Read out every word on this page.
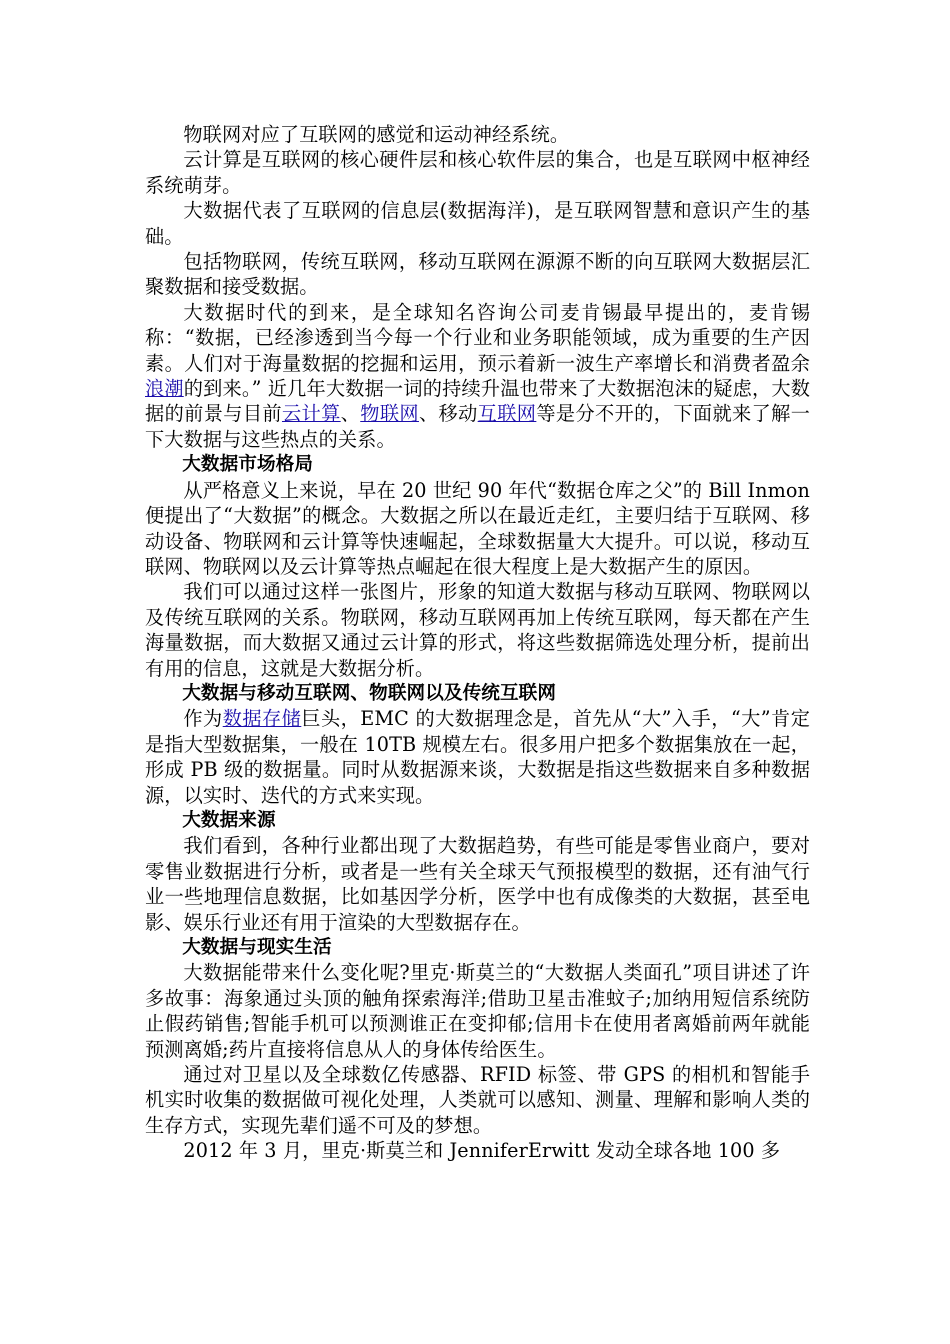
物联网对应了互联网的感觉和运动神经系统。

云计算是互联网的核心硬件层和核心软件层的集合，也是互联网中枢神经系统萌芽。

大数据代表了互联网的信息层(数据海洋)，是互联网智慧和意识产生的基础。

包括物联网，传统互联网，移动互联网在源源不断的向互联网大数据层汇聚数据和接受数据。

大数据时代的到来，是全球知名咨询公司麦肯锡最早提出的，麦肯锡称：“数据，已经渗透到当今每一个行业和业务职能领域，成为重要的生产因素。人们对于海量数据的挖掘和运用，预示着新一波生产率增长和消费者盈余浪潮的到来。” 近几年大数据一词的持续升温也带来了大数据泡沫的疑虑，大数据的前景与目前云计算、物联网、移动互联网等是分不开的，下面就来了解一下大数据与这些热点的关系。

大数据市场格局

从严格意义上来说，早在 20 世纪 90 年代“数据仓库之父”的 Bill Inmon 便提出了“大数据”的概念。大数据之所以在最近走红，主要归结于互联网、移动设备、物联网和云计算等快速崛起，全球数据量大大提升。可以说，移动互联网、物联网以及云计算等热点崛起在很大程度上是大数据产生的原因。

我们可以通过这样一张图片，形象的知道大数据与移动互联网、物联网以及传统互联网的关系。物联网，移动互联网再加上传统互联网，每天都在产生海量数据，而大数据又通过云计算的形式，将这些数据筛选处理分析，提前出有用的信息，这就是大数据分析。

大数据与移动互联网、物联网以及传统互联网

作为数据存储巨头，EMC 的大数据理念是，首先从“大”入手，“大”肯定是指大型数据集，一般在 10TB 规模左右。很多用户把多个数据集放在一起，形成 PB 级的数据量。同时从数据源来谈，大数据是指这些数据来自多种数据源，以实时、迭代的方式来实现。

大数据来源

我们看到，各种行业都出现了大数据趋势，有些可能是零售业商户，要对零售业数据进行分析，或者是一些有关全球天气预报模型的数据，还有油气行业一些地理信息数据，比如基因学分析，医学中也有成像类的大数据，甚至电影、娱乐行业还有用于渲染的大型数据存在。

大数据与现实生活

大数据能带来什么变化呢?里克·斯莫兰的“大数据人类面孔”项目讲述了许多故事：海象通过头顶的触角探索海洋;借助卫星击准蚊子;加纳用短信系统防止假药销售;智能手机可以预测谁正在变抑郁;信用卡在使用者离婚前两年就能预测离婚;药片直接将信息从人的身体传给医生。

通过对卫星以及全球数亿传感器、RFID 标签、带 GPS 的相机和智能手机实时收集的数据做可视化处理，人类就可以感知、测量、理解和影响人类的生存方式，实现先辈们遥不可及的梦想。

2012 年 3 月，里克·斯莫兰和 JenniferErwitt 发动全球各地 100 多
